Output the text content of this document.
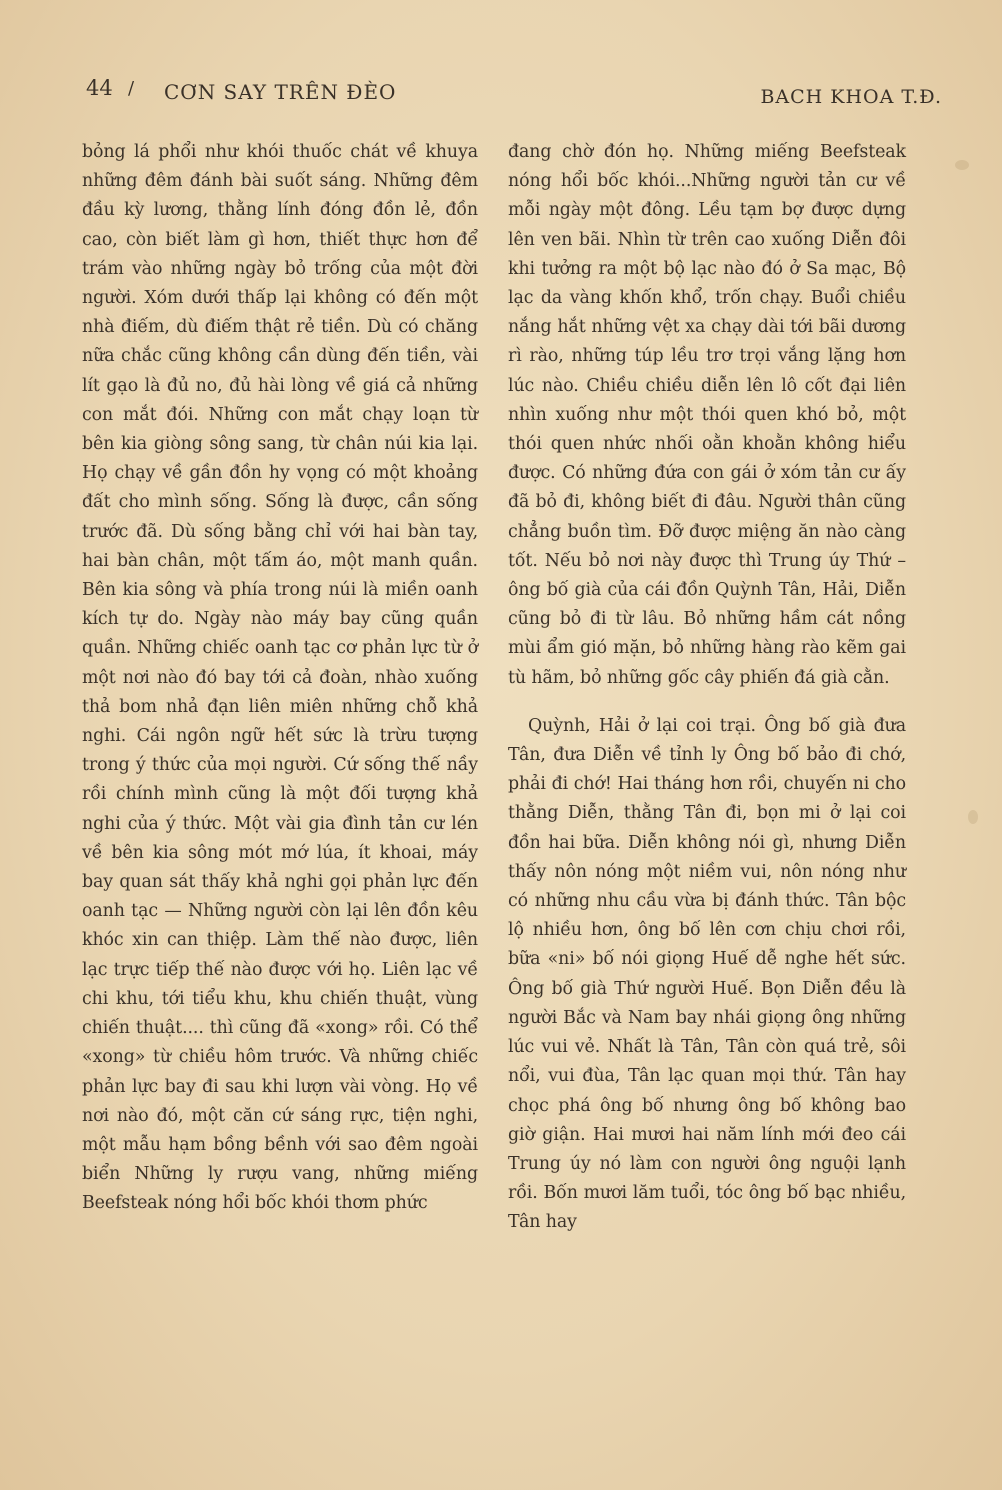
44 / CƠN SAY TRÊN ĐÈO	BACH KHOA T.Đ.

bỏng lá phổi như khói thuốc chát về khuya những đêm đánh bài suốt sáng. Những đêm đầu kỳ lương, thằng lính đóng đồn lẻ, đồn cao, còn biết làm gì hơn, thiết thực hơn để trám vào những ngày bỏ trống của một đời người. Xóm dưới thấp lại không có đến một nhà điếm, dù điếm thật rẻ tiền. Dù có chăng nữa chắc cũng không cần dùng đến tiền, vài lít gạo là đủ no, đủ hài lòng về giá cả những con mắt đói. Những con mắt chạy loạn từ bên kia giòng sông sang, từ chân núi kia lại. Họ chạy về gần đồn hy vọng có một khoảng đất cho mình sống. Sống là được, cần sống trước đã. Dù sống bằng chỉ với hai bàn tay, hai bàn chân, một tấm áo, một manh quần. Bên kia sông và phía trong núi là miền oanh kích tự do. Ngày nào máy bay cũng quần quần. Những chiếc oanh tạc cơ phản lực từ ở một nơi nào đó bay tới cả đoàn, nhào xuống thả bom nhả đạn liên miên những chỗ khả nghi. Cái ngôn ngữ hết sức là trừu tượng trong ý thức của mọi người. Cứ sống thế nầy rồi chính mình cũng là một đối tượng khả nghi của ý thức. Một vài gia đình tản cư lén về bên kia sông mót mớ lúa, ít khoai, máy bay quan sát thấy khả nghi gọi phản lực đến oanh tạc — Những người còn lại lên đồn kêu khóc xin can thiệp. Làm thế nào được, liên lạc trực tiếp thế nào được với họ. Liên lạc về chi khu, tới tiểu khu, khu chiến thuật, vùng chiến thuật.... thì cũng đã «xong» rồi. Có thể «xong» từ chiều hôm trước. Và những chiếc phản lực bay đi sau khi lượn vài vòng. Họ về nơi nào đó, một căn cứ sáng rực, tiện nghi, một mẫu hạm bồng bềnh với sao đêm ngoài biển Những ly rượu vang, những miếng Beefsteak nóng hổi bốc khói thơm phức

đang chờ đón họ. Những miếng Beefsteak nóng hổi bốc khói...Những người tản cư về mỗi ngày một đông. Lều tạm bợ được dựng lên ven bãi. Nhìn từ trên cao xuống Diễn đôi khi tưởng ra một bộ lạc nào đó ở Sa mạc, Bộ lạc da vàng khốn khổ, trốn chạy. Buổi chiều nắng hắt những vệt xa chạy dài tới bãi dương rì rào, những túp lều trơ trọi vắng lặng hơn lúc nào. Chiều chiều diễn lên lô cốt đại liên nhìn xuống như một thói quen khó bỏ, một thói quen nhức nhối oằn khoằn không hiểu được. Có những đứa con gái ở xóm tản cư ấy đã bỏ đi, không biết đi đâu. Người thân cũng chẳng buồn tìm. Đỡ được miệng ăn nào càng tốt. Nếu bỏ nơi này được thì Trung úy Thứ – ông bố già của cái đồn Quỳnh Tân, Hải, Diễn cũng bỏ đi từ lâu. Bỏ những hầm cát nồng mùi ẩm gió mặn, bỏ những hàng rào kẽm gai tù hãm, bỏ những gốc cây phiến đá già cằn.

Quỳnh, Hải ở lại coi trại. Ông bố già đưa Tân, đưa Diễn về tỉnh ly Ông bố bảo đi chớ, phải đi chớ! Hai tháng hơn rồi, chuyến ni cho thằng Diễn, thằng Tân đi, bọn mi ở lại coi đồn hai bữa. Diễn không nói gì, nhưng Diễn thấy nôn nóng một niềm vui, nôn nóng như có những nhu cầu vừa bị đánh thức. Tân bộc lộ nhiều hơn, ông bố lên cơn chịu chơi rồi, bữa «ni» bố nói giọng Huế dễ nghe hết sức. Ông bố già Thứ người Huế. Bọn Diễn đều là người Bắc và Nam bay nhái giọng ông những lúc vui vẻ. Nhất là Tân, Tân còn quá trẻ, sôi nổi, vui đùa, Tân lạc quan mọi thứ. Tân hay chọc phá ông bố nhưng ông bố không bao giờ giận. Hai mươi hai năm lính mới đeo cái Trung úy nó làm con người ông nguội lạnh rồi. Bốn mươi lăm tuổi, tóc ông bố bạc nhiều, Tân hay
